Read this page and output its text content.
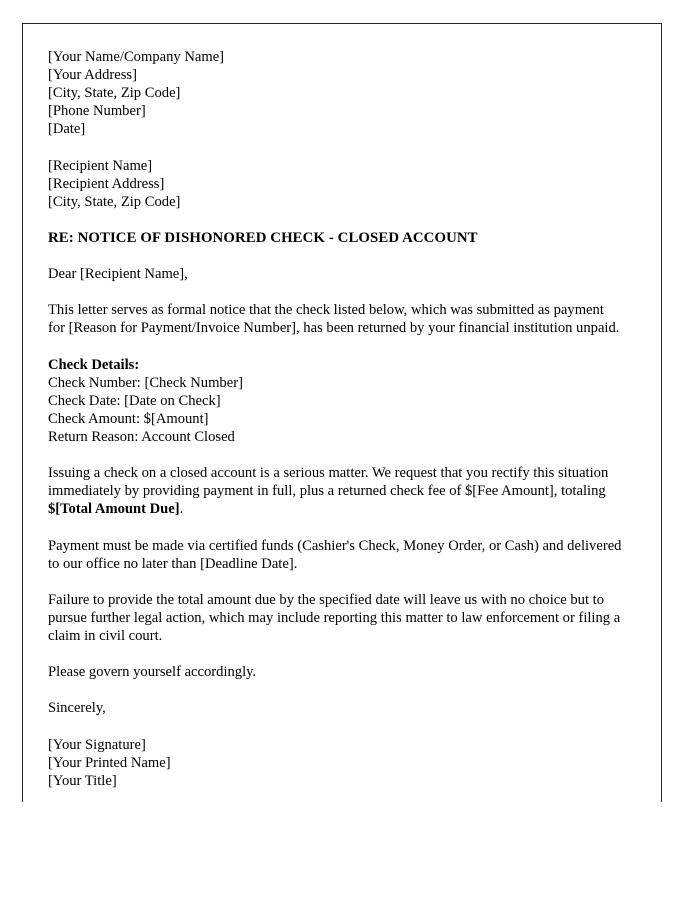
[Your Name/Company Name]
[Your Address]
[City, State, Zip Code]
[Phone Number]
[Date]
[Recipient Name]
[Recipient Address]
[City, State, Zip Code]
RE: NOTICE OF DISHONORED CHECK - CLOSED ACCOUNT
Dear [Recipient Name],
This letter serves as formal notice that the check listed below, which was submitted as payment for [Reason for Payment/Invoice Number], has been returned by your financial institution unpaid.
Check Details:
Check Number: [Check Number]
Check Date: [Date on Check]
Check Amount: $[Amount]
Return Reason: Account Closed
Issuing a check on a closed account is a serious matter. We request that you rectify this situation immediately by providing payment in full, plus a returned check fee of $[Fee Amount], totaling $[Total Amount Due].
Payment must be made via certified funds (Cashier's Check, Money Order, or Cash) and delivered to our office no later than [Deadline Date].
Failure to provide the total amount due by the specified date will leave us with no choice but to pursue further legal action, which may include reporting this matter to law enforcement or filing a claim in civil court.
Please govern yourself accordingly.
Sincerely,
[Your Signature]
[Your Printed Name]
[Your Title]
